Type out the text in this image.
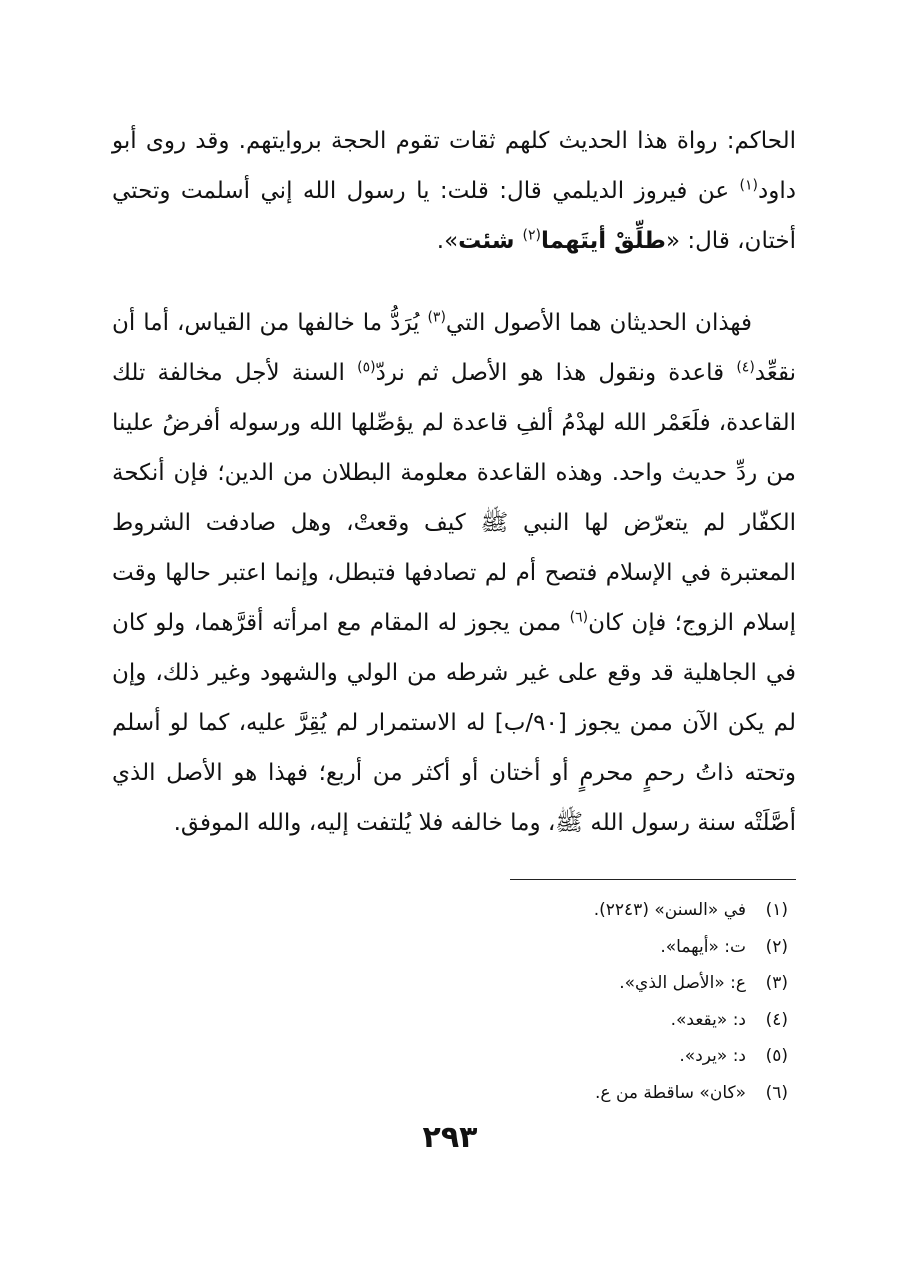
الحاكم: رواة هذا الحديث كلهم ثقات تقوم الحجة بروايتهم. وقد روى أبو داود$^{(١)}$ عن فيروز الديلمي قال: قلت: يا رسول الله إني أسلمت وتحتي أختان، قال: «طلِّقْ أيتَهما$^{(٢)}$ شئت».

فهذان الحديثان هما الأصول التي$^{(٣)}$ يُرَدُّ ما خالفها من القياس، أما أن نقعِّد$^{(٤)}$ قاعدة ونقول هذا هو الأصل ثم نردّ$^{(٥)}$ السنة لأجل مخالفة تلك القاعدة، فلَعَمْر الله لهدْمُ ألفِ قاعدة لم يؤصِّلها الله ورسوله أفرضُ علينا من ردِّ حديث واحد. وهذه القاعدة معلومة البطلان من الدين؛ فإن أنكحة الكفّار لم يتعرّض لها النبي ﷺ كيف وقعتْ، وهل صادفت الشروط المعتبرة في الإسلام فتصح أم لم تصادفها فتبطل، وإنما اعتبر حالها وقت إسلام الزوج؛ فإن كان$^{(٦)}$ ممن يجوز له المقام مع امرأته أقرَّهما، ولو كان في الجاهلية قد وقع على غير شرطه من الولي والشهود وغير ذلك، وإن لم يكن الآن ممن يجوز [٩٠/ب] له الاستمرار لم يُقِرَّ عليه، كما لو أسلم وتحته ذاتُ رحمٍ محرمٍ أو أختان أو أكثر من أربع؛ فهذا هو الأصل الذي أصَّلَتْه سنة رسول الله ﷺ، وما خالفه فلا يُلتفت إليه، والله الموفق.

(١)في «السنن» (٢٢٤٣).
(٢)ت: «أيهما».
(٣)ع: «الأصل الذي».
(٤)د: «يقعد».
(٥)د: «يرد».
(٦)«كان» ساقطة من ع.
٢٩٣
